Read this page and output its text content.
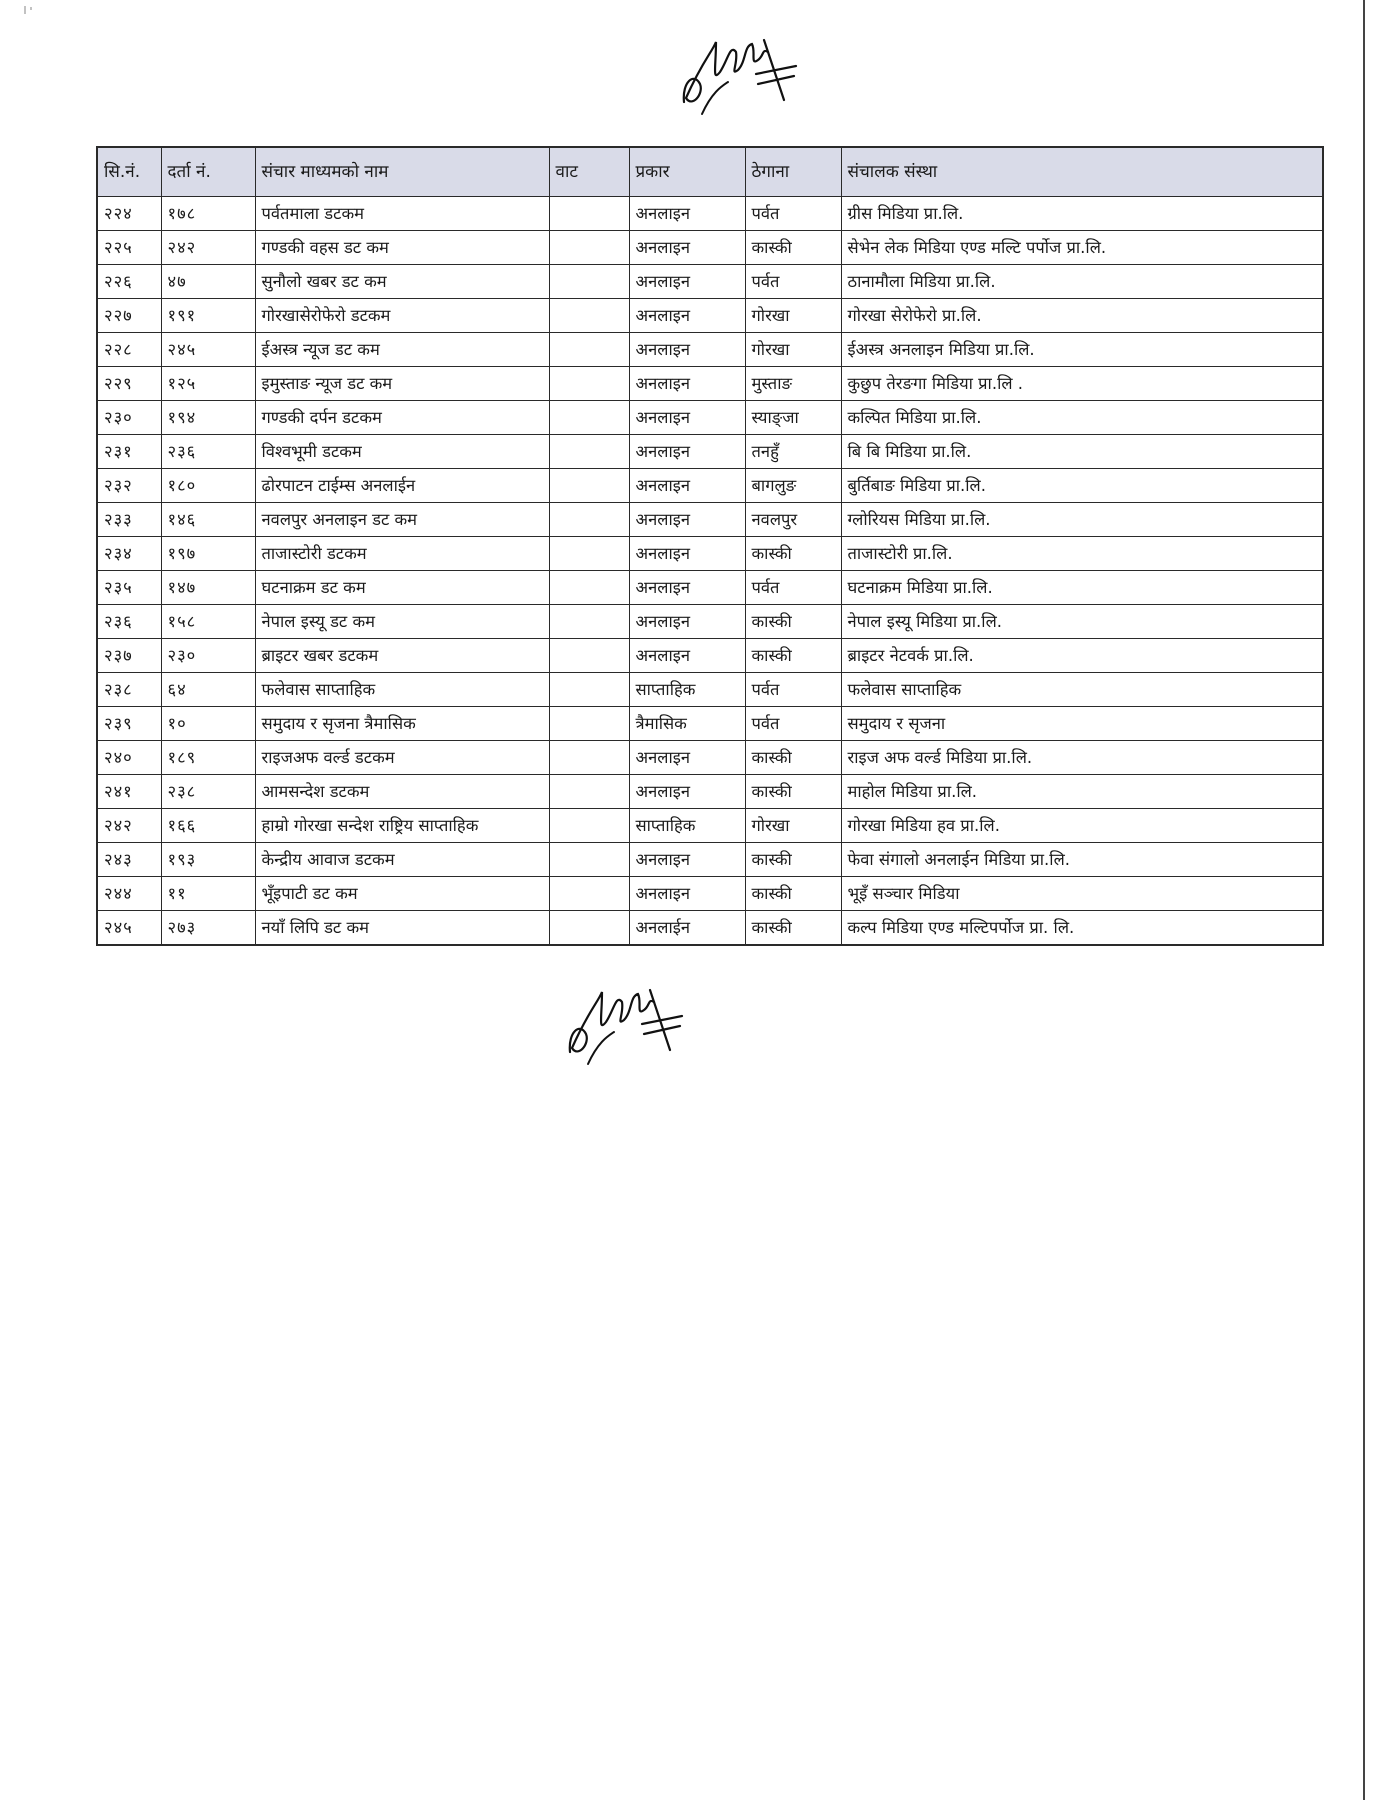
सि.नं.	दर्ता नं.	संचार माध्यमको नाम	वाट	प्रकार	ठेगाना	संचालक संस्था
२२४	१७८	पर्वतमाला डटकम		अनलाइन	पर्वत	ग्रीस मिडिया प्रा.लि.
२२५	२४२	गण्डकी वहस डट कम		अनलाइन	कास्की	सेभेन लेक मिडिया एण्ड मल्टि पर्पोज प्रा.लि.
२२६	४७	सुनौलो खबर डट कम		अनलाइन	पर्वत	ठानामौला मिडिया प्रा.लि.
२२७	१९१	गोरखासेरोफेरो डटकम		अनलाइन	गोरखा	गोरखा सेरोफेरो प्रा.लि.
२२८	२४५	ईअस्त्र न्यूज डट कम		अनलाइन	गोरखा	ईअस्त्र अनलाइन मिडिया प्रा.लि.
२२९	१२५	इमुस्ताङ न्यूज डट कम		अनलाइन	मुस्ताङ	कुछुप तेरङगा मिडिया प्रा.लि .
२३०	१९४	गण्डकी दर्पन डटकम		अनलाइन	स्याङ्जा	कल्पित मिडिया प्रा.लि.
२३१	२३६	विश्वभूमी डटकम		अनलाइन	तनहुँ	बि बि मिडिया प्रा.लि.
२३२	१८०	ढोरपाटन टाईम्स अनलाईन		अनलाइन	बागलुङ	बुर्तिबाङ मिडिया प्रा.लि.
२३३	१४६	नवलपुर अनलाइन डट कम		अनलाइन	नवलपुर	ग्लोरियस मिडिया प्रा.लि.
२३४	१९७	ताजास्टोरी डटकम		अनलाइन	कास्की	ताजास्टोरी प्रा.लि.
२३५	१४७	घटनाक्रम डट कम		अनलाइन	पर्वत	घटनाक्रम मिडिया प्रा.लि.
२३६	१५८	नेपाल इस्यू डट कम		अनलाइन	कास्की	नेपाल इस्यू मिडिया प्रा.लि.
२३७	२३०	ब्राइटर खबर डटकम		अनलाइन	कास्की	ब्राइटर नेटवर्क प्रा.लि.
२३८	६४	फलेवास साप्ताहिक		साप्ताहिक	पर्वत	फलेवास साप्ताहिक
२३९	१०	समुदाय र सृजना त्रैमासिक		त्रैमासिक	पर्वत	समुदाय र सृजना
२४०	१८९	राइजअफ वर्ल्ड डटकम		अनलाइन	कास्की	राइज अफ वर्ल्ड मिडिया प्रा.लि.
२४१	२३८	आमसन्देश डटकम		अनलाइन	कास्की	माहोल मिडिया प्रा.लि.
२४२	१६६	हाम्रो गोरखा सन्देश राष्ट्रिय साप्ताहिक		साप्ताहिक	गोरखा	गोरखा मिडिया हव प्रा.लि.
२४३	१९३	केन्द्रीय आवाज डटकम		अनलाइन	कास्की	फेवा संगालो अनलाईन मिडिया प्रा.लि.
२४४	११	भूँइपाटी डट कम		अनलाइन	कास्की	भूइँ सञ्चार मिडिया
२४५	२७३	नयाँ लिपि डट कम		अनलाईन	कास्की	कल्प मिडिया एण्ड मल्टिपर्पोज प्रा. लि.
